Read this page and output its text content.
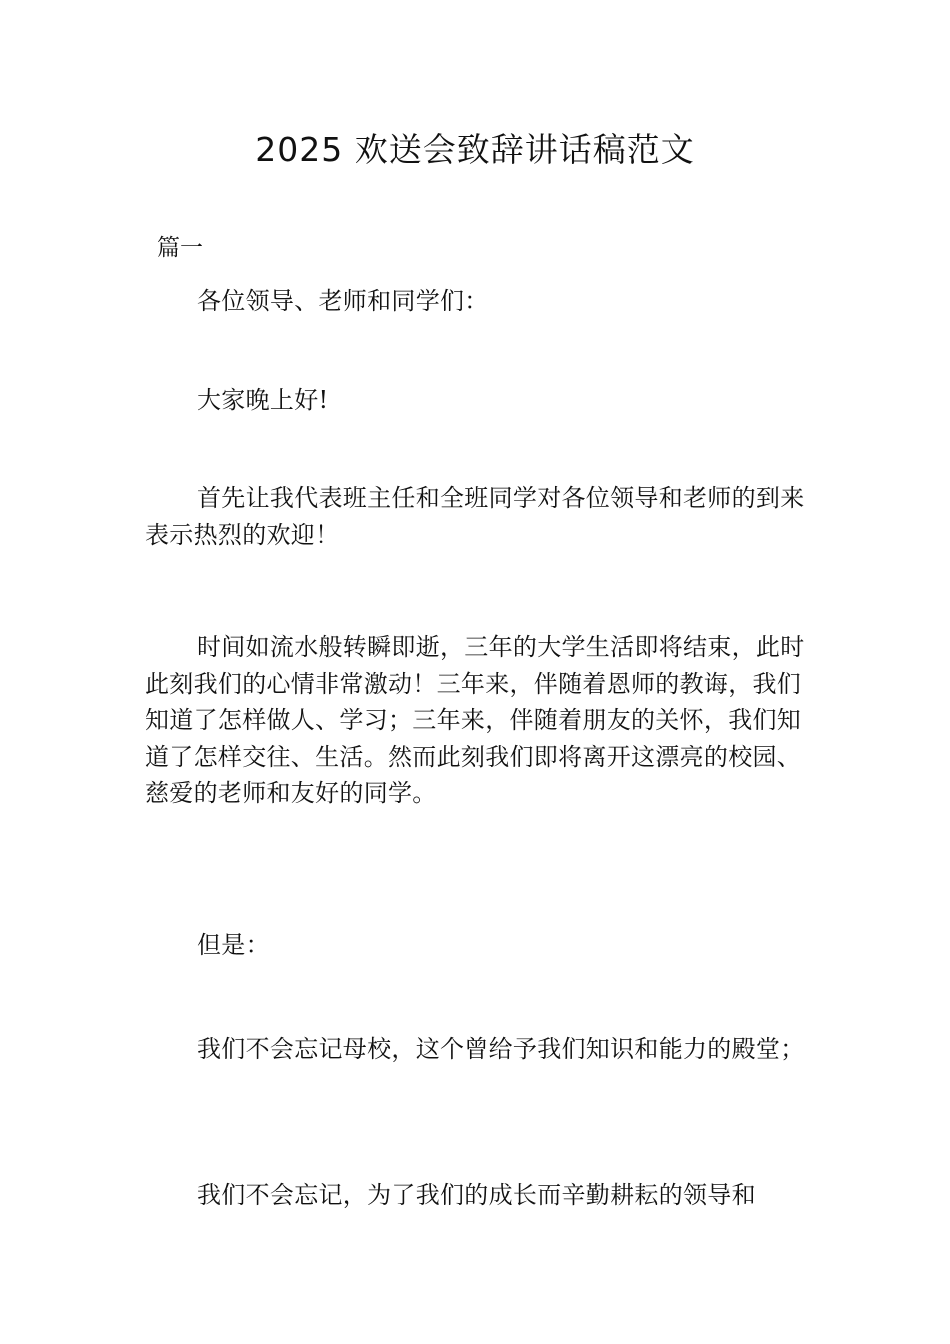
2025 欢送会致辞讲话稿范文
篇一
各位领导、老师和同学们：
大家晚上好!
首先让我代表班主任和全班同学对各位领导和老师的到来表示热烈的欢迎！
时间如流水般转瞬即逝，三年的大学生活即将结束，此时此刻我们的心情非常激动！三年来，伴随着恩师的教诲，我们知道了怎样做人、学习；三年来，伴随着朋友的关怀，我们知道了怎样交往、生活。然而此刻我们即将离开这漂亮的校园、慈爱的老师和友好的同学。
但是：
我们不会忘记母校，这个曾给予我们知识和能力的殿堂；
我们不会忘记，为了我们的成长而辛勤耕耘的领导和
